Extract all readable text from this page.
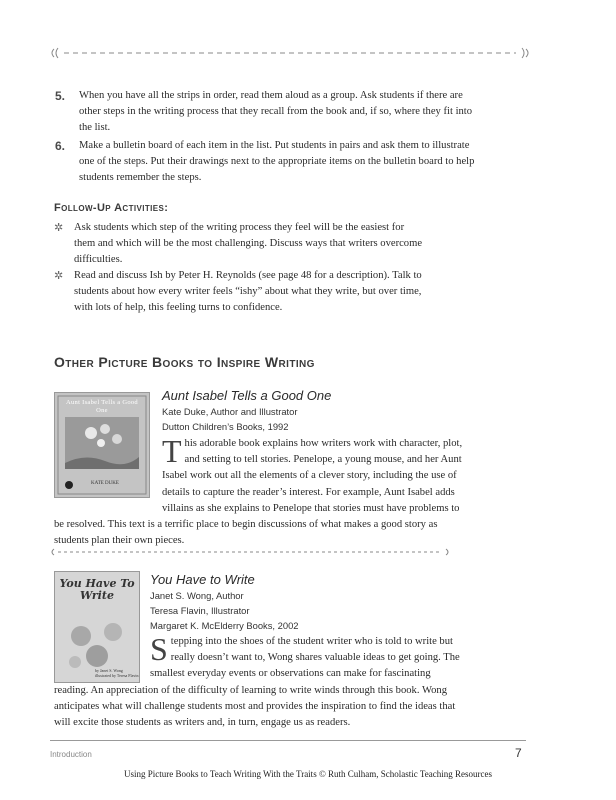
5. When you have all the strips in order, read them aloud as a group. Ask students if there are other steps in the writing process that they recall from the book and, if so, where they fit into the list.
6. Make a bulletin board of each item in the list. Put students in pairs and ask them to illustrate one of the steps. Put their drawings next to the appropriate items on the bulletin board to help students remember the steps.
Follow-Up Activities:
✲ Ask students which step of the writing process they feel will be the easiest for them and which will be the most challenging. Discuss ways that writers overcome difficulties.
✲ Read and discuss Ish by Peter H. Reynolds (see page 48 for a description). Talk to students about how every writer feels “ishy” about what they write, but over time, with lots of help, this feeling turns to confidence.
Other Picture Books to Inspire Writing
Aunt Isabel Tells a Good One
KATE DUKE
Aunt Isabel Tells a Good One
Kate Duke, Author and Illustrator
Dutton Children’s Books, 1992
T his adorable book explains how writers work with character, plot, and setting to tell stories. Penelope, a young mouse, and her Aunt Isabel work out all the elements of a clever story, including the use of details to capture the reader’s interest. For example, Aunt Isabel adds villains as she explains to Penelope that stories must have problems to be resolved. This text is a terrific place to begin discussions of what makes a good story as students plan their own pieces.
You Have To Write
by Janet S. Wong
illustrated by Teresa Flavin
You Have to Write
Janet S. Wong, Author
Teresa Flavin, Illustrator
Margaret K. McElderry Books, 2002
S tepping into the shoes of the student writer who is told to write but really doesn’t want to, Wong shares valuable ideas to get going. The smallest everyday events or observations can make for fascinating reading. An appreciation of the difficulty of learning to write winds through this book. Wong anticipates what will challenge students most and provides the inspiration to find the ideas that will excite those students as writers and, in turn, engage us as readers.
Introduction	7
Using Picture Books to Teach Writing With the Traits © Ruth Culham, Scholastic Teaching Resources
